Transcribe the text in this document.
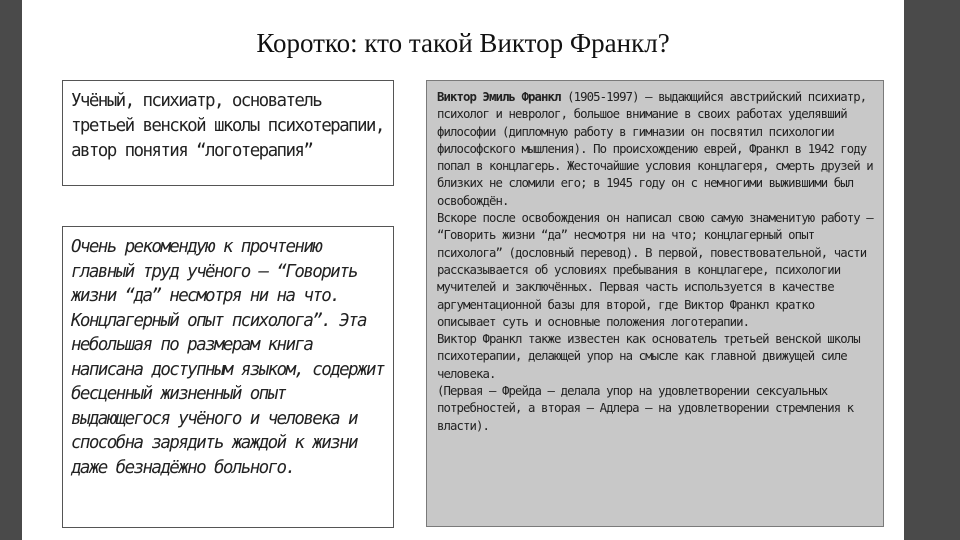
Коротко: кто такой Виктор Франкл?
Учёный, психиатр, основатель третьей венской школы психотерапии, автор понятия “логотерапия”
Очень рекомендую к прочтению главный труд учёного – “Говорить жизни “да” несмотря ни на что. Концлагерный опыт психолога”. Эта небольшая по размерам книга написана доступным языком, содержит бесценный жизненный опыт выдающегося учёного и человека и способна зарядить жаждой к жизни даже безнадёжно больного.

Виктор Эмиль Франкл (1905-1997) – выдающийся австрийский психиатр, психолог и невролог, большое внимание в своих работах уделявший философии (дипломную работу в гимназии он посвятил психологии философского мышления). По происхождению еврей, Франкл в 1942 году попал в концлагерь. Жесточайшие условия концлагеря, смерть друзей и близких не сломили его; в 1945 году он с немногими выжившими был освобождён.

Вскоре после освобождения он написал свою самую знаменитую работу – “Говорить жизни “да” несмотря ни на что; концлагерный опыт психолога” (дословный перевод). В первой, повествовательной, части рассказывается об условиях пребывания в концлагере, психологии мучителей и заключённых. Первая часть используется в качестве аргументационной базы для второй, где Виктор Франкл кратко описывает суть и основные положения логотерапии.

Виктор Франкл также известен как основатель третьей венской школы психотерапии, делающей упор на смысле как главной движущей силе человека.

(Первая – Фрейда – делала упор на удовлетворении сексуальных потребностей, а вторая – Адлера – на удовлетворении стремления к власти).
